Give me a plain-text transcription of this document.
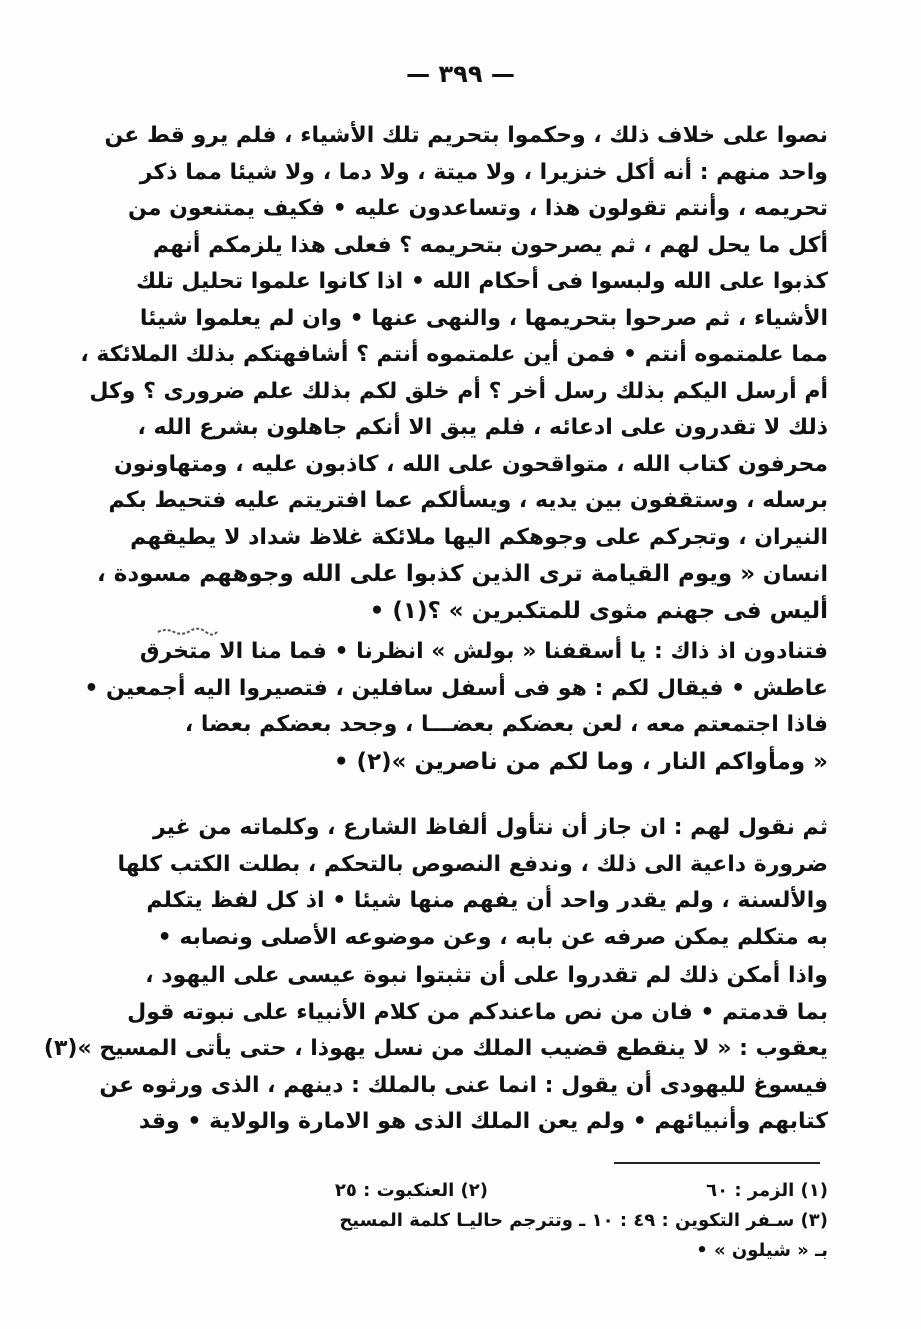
— ٣٩٩ —
نصوا على خلاف ذلك ، وحكموا بتحريم تلك الأشياء ، فلم يرو قط عن
واحد منهم : أنه أكل خنزيرا ، ولا ميتة ، ولا دما ، ولا شيئا مما ذكر
تحريمه ، وأنتم تقولون هذا ، وتساعدون عليه • فكيف يمتنعون من
أكل ما يحل لهم ، ثم يصرحون بتحريمه ؟ فعلى هذا يلزمكم أنهم
كذبوا على الله ولبسوا فى أحكام الله • اذا كانوا علموا تحليل تلك
الأشياء ، ثم صرحوا بتحريمها ، والنهى عنها • وان لم يعلموا شيئا
مما علمتموه أنتم • فمن أين علمتموه أنتم ؟ أشافهتكم بذلك الملائكة ،
أم أرسل اليكم بذلك رسل أخر ؟ أم خلق لكم بذلك علم ضرورى ؟ وكل
ذلك لا تقدرون على ادعائه ، فلم يبق الا أنكم جاهلون بشرع الله ،
محرفون كتاب الله ، متواقحون على الله ، كاذبون عليه ، ومتهاونون
برسله ، وستقفون بين يديه ، ويسألكم عما افتريتم عليه فتحيط بكم
النيران ، وتجركم على وجوهكم اليها ملائكة غلاظ شداد لا يطيقهم
انسان « ويوم القيامة ترى الذين كذبوا على الله وجوههم مسودة ،
أليس فى جهنم مثوى للمتكبرين » ؟(١) •
فتنادون اذ ذاك : يا أسقفنا « بولش » انظرنا • فما منا الا متخرق
عاطش • فيقال لكم : هو فى أسفل سافلين ، فتصيروا اليه أجمعين •
فاذا اجتمعتم معه ، لعن بعضكم بعضـــا ، وجحد بعضكم بعضا ،
« ومأواكم النار ، وما لكم من ناصرين »(٢) •
ثم نقول لهم : ان جاز أن نتأول ألفاظ الشارع ، وكلماته من غير
ضرورة داعية الى ذلك ، وندفع النصوص بالتحكم ، بطلت الكتب كلها
والألسنة ، ولم يقدر واحد أن يفهم منها شيئا • اذ كل لفظ يتكلم
به متكلم يمكن صرفه عن بابه ، وعن موضوعه الأصلى ونصابه •
واذا أمكن ذلك لم تقدروا على أن تثبتوا نبوة عيسى على اليهود ،
بما قدمتم • فان من نص ماعندكم من كلام الأنبياء على نبوته قول
يعقوب : « لا ينقطع قضيب الملك من نسل يهوذا ، حتى يأتى المسيح »(٣)
فيسوغ لليهودى أن يقول : انما عنى بالملك : دينهم ، الذى ورثوه عن
كتابهم وأنبيائهم • ولم يعن الملك الذى هو الامارة والولاية • وقد
(١) الزمر : ٦٠
(٢) العنكبوت : ٢٥
(٣) سـفر التكوين : ٤٩ : ١٠ ـ وتترجم حاليـا كلمة المسيح
بـ « شيلون » •
